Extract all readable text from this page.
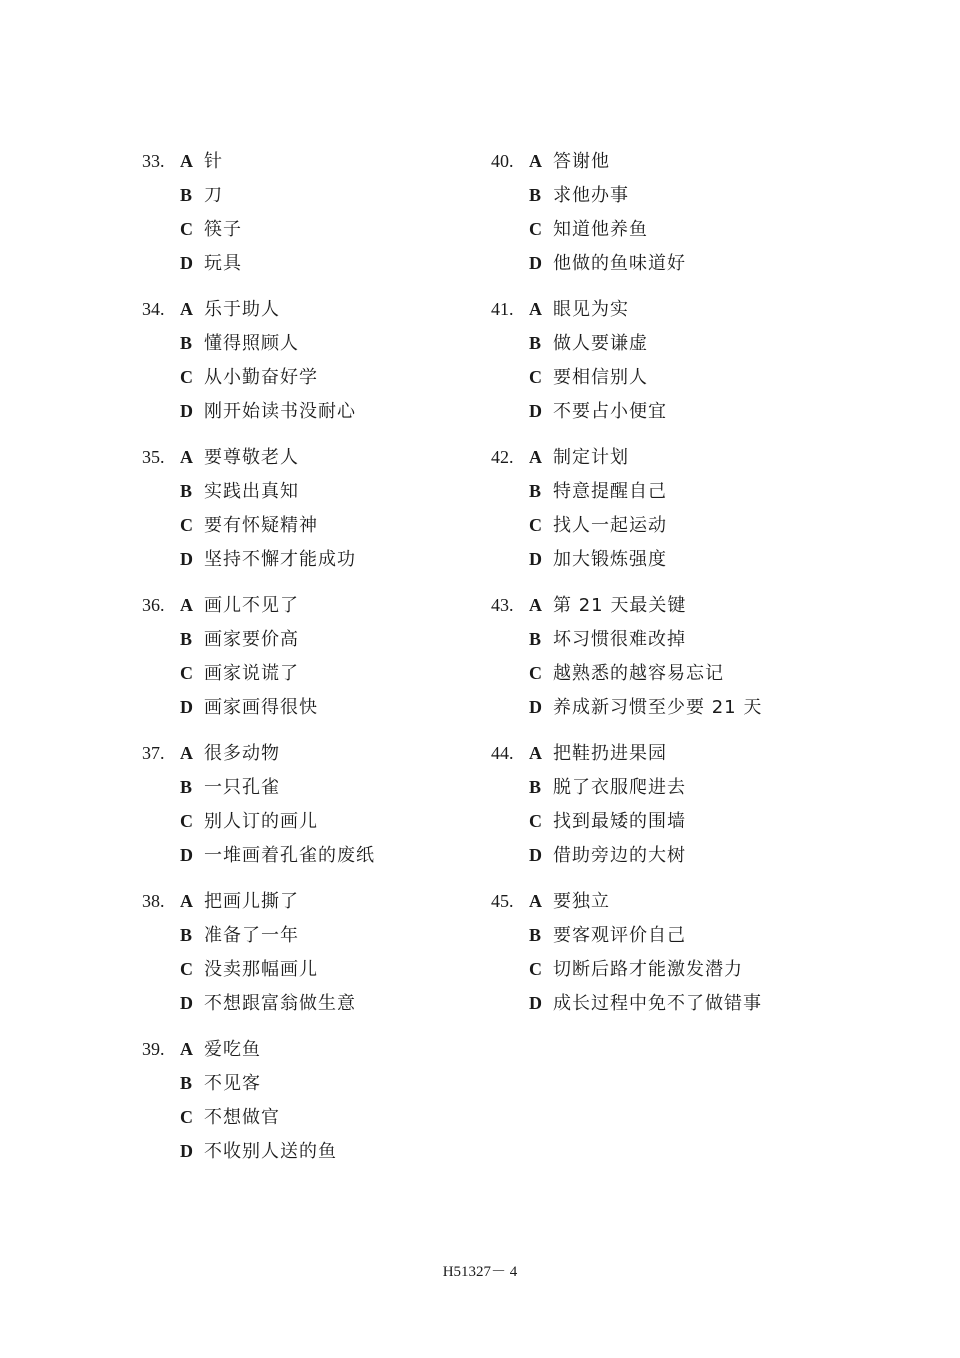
33. A 针
B 刀
C 筷子
D 玩具
34. A 乐于助人
B 懂得照顾人
C 从小勤奋好学
D 刚开始读书没耐心
35. A 要尊敬老人
B 实践出真知
C 要有怀疑精神
D 坚持不懈才能成功
36. A 画儿不见了
B 画家要价高
C 画家说谎了
D 画家画得很快
37. A 很多动物
B 一只孔雀
C 别人订的画儿
D 一堆画着孔雀的废纸
38. A 把画儿撕了
B 准备了一年
C 没卖那幅画儿
D 不想跟富翁做生意
39. A 爱吃鱼
B 不见客
C 不想做官
D 不收别人送的鱼
40. A 答谢他
B 求他办事
C 知道他养鱼
D 他做的鱼味道好
41. A 眼见为实
B 做人要谦虚
C 要相信别人
D 不要占小便宜
42. A 制定计划
B 特意提醒自己
C 找人一起运动
D 加大锻炼强度
43. A 第 21 天最关键
B 坏习惯很难改掉
C 越熟悉的越容易忘记
D 养成新习惯至少要 21 天
44. A 把鞋扔进果园
B 脱了衣服爬进去
C 找到最矮的围墙
D 借助旁边的大树
45. A 要独立
B 要客观评价自己
C 切断后路才能激发潜力
D 成长过程中免不了做错事
H51327－ 4
